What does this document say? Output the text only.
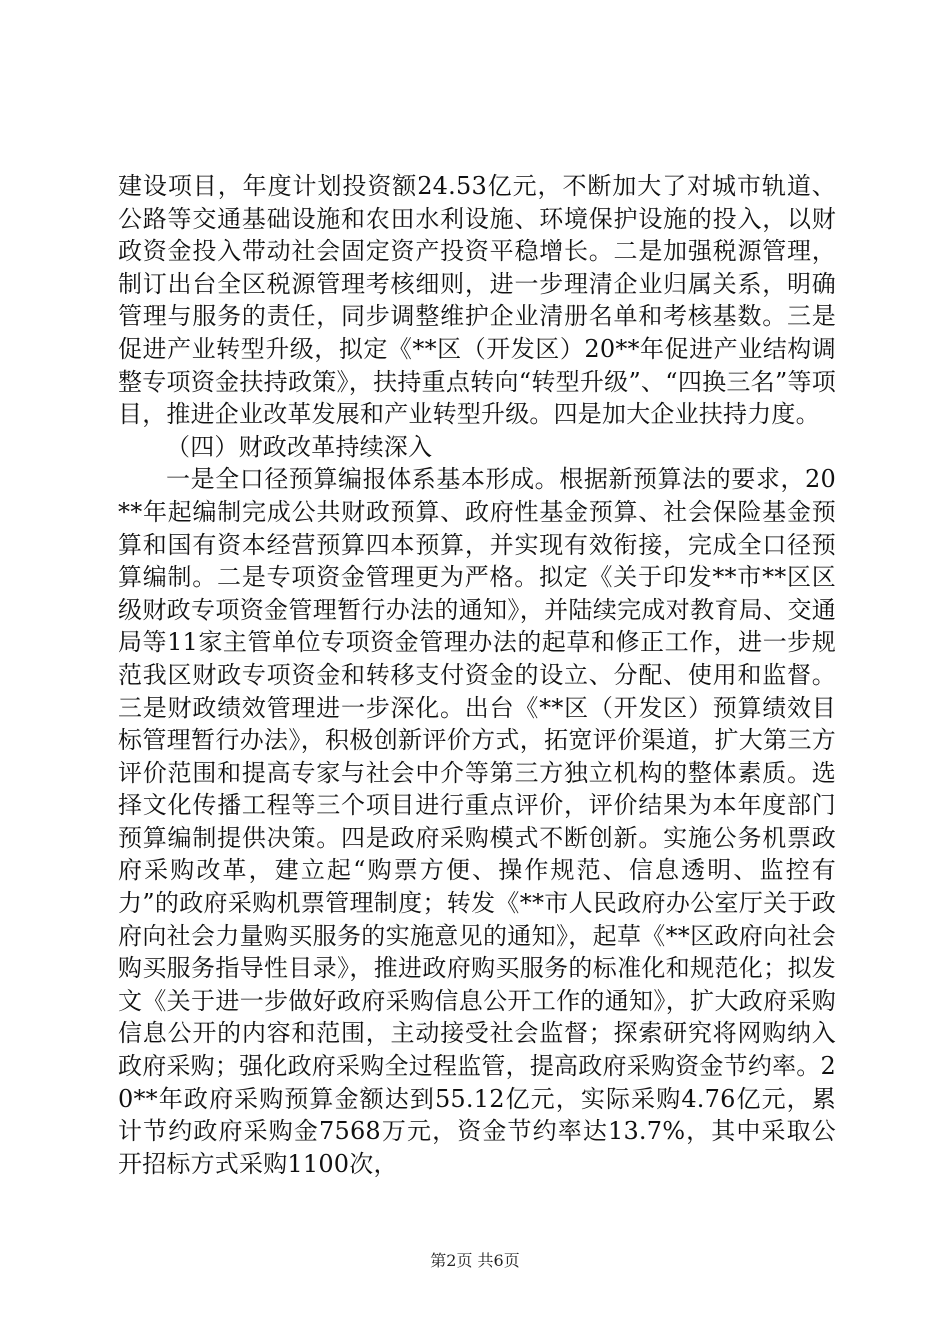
建设项目，年度计划投资额24.53亿元，不断加大了对城市轨道、公路等交通基础设施和农田水利设施、环境保护设施的投入，以财政资金投入带动社会固定资产投资平稳增长。二是加强税源管理，制订出台全区税源管理考核细则，进一步理清企业归属关系，明确管理与服务的责任，同步调整维护企业清册名单和考核基数。三是促进产业转型升级，拟定《**区（开发区）20**年促进产业结构调整专项资金扶持政策》，扶持重点转向“转型升级”、“四换三名”等项目，推进企业改革发展和产业转型升级。四是加大企业扶持力度。

（四）财政改革持续深入

一是全口径预算编报体系基本形成。根据新预算法的要求，20**年起编制完成公共财政预算、政府性基金预算、社会保险基金预算和国有资本经营预算四本预算，并实现有效衔接，完成全口径预算编制。二是专项资金管理更为严格。拟定《关于印发**市**区区级财政专项资金管理暂行办法的通知》，并陆续完成对教育局、交通局等11家主管单位专项资金管理办法的起草和修正工作，进一步规范我区财政专项资金和转移支付资金的设立、分配、使用和监督。三是财政绩效管理进一步深化。出台《**区（开发区）预算绩效目标管理暂行办法》，积极创新评价方式，拓宽评价渠道，扩大第三方评价范围和提高专家与社会中介等第三方独立机构的整体素质。选择文化传播工程等三个项目进行重点评价，评价结果为本年度部门预算编制提供决策。四是政府采购模式不断创新。实施公务机票政府采购改革，建立起“购票方便、操作规范、信息透明、监控有力”的政府采购机票管理制度；转发《**市人民政府办公室厅关于政府向社会力量购买服务的实施意见的通知》，起草《**区政府向社会购买服务指导性目录》，推进政府购买服务的标准化和规范化；拟发文《关于进一步做好政府采购信息公开工作的通知》，扩大政府采购信息公开的内容和范围，主动接受社会监督；探索研究将网购纳入政府采购；强化政府采购全过程监管，提高政府采购资金节约率。20**年政府采购预算金额达到55.12亿元，实际采购4.76亿元，累计节约政府采购金7568万元，资金节约率达13.7%，其中采取公开招标方式采购1100次，

第2页 共6页
